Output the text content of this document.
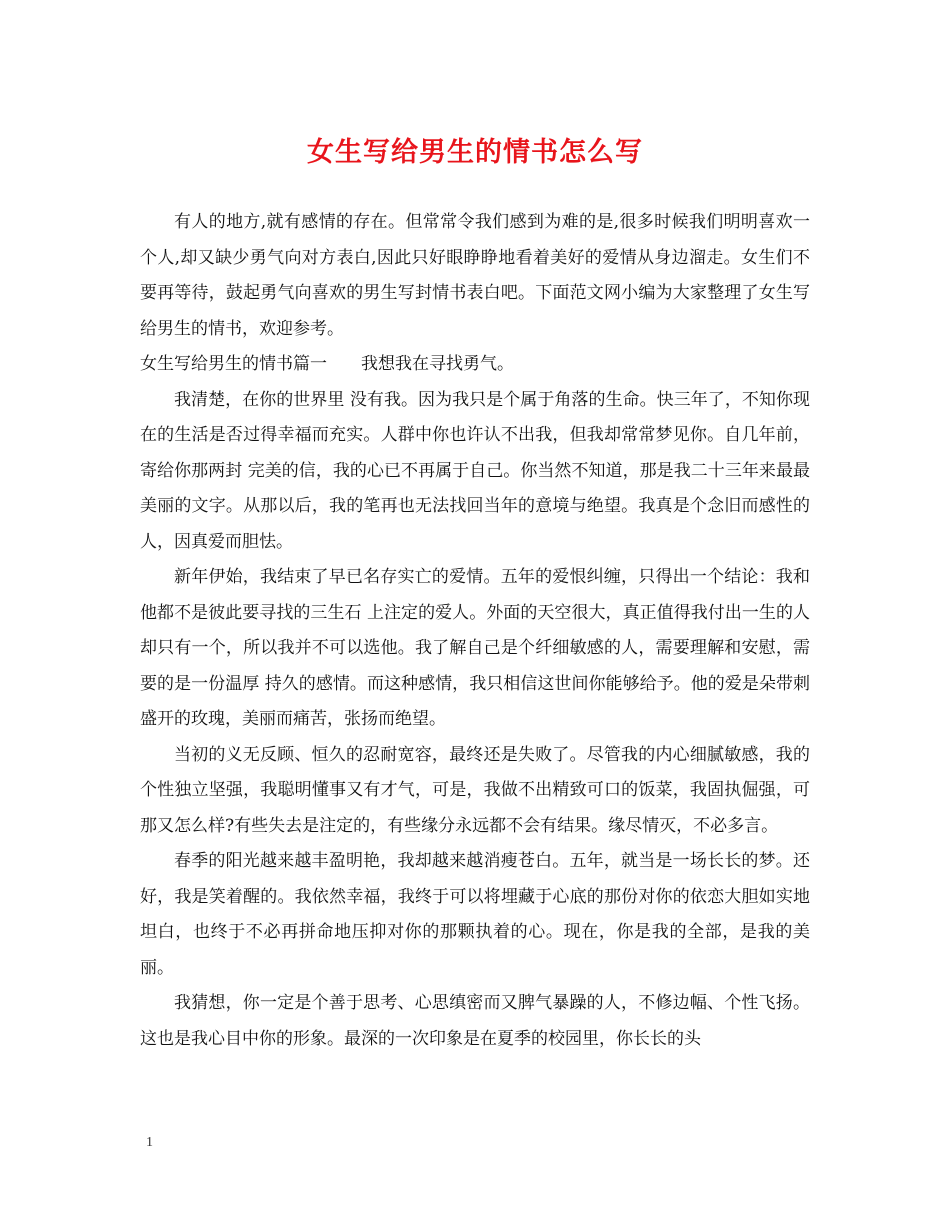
女生写给男生的情书怎么写

有人的地方,就有感情的存在。但常常令我们感到为难的是,很多时候我们明明喜欢一个人,却又缺少勇气向对方表白,因此只好眼睁睁地看着美好的爱情从身边溜走。女生们不要再等待，鼓起勇气向喜欢的男生写封情书表白吧。下面范文网小编为大家整理了女生写给男生的情书，欢迎参考。

女生写给男生的情书篇一　　我想我在寻找勇气。

我清楚，在你的世界里 没有我。因为我只是个属于角落的生命。快三年了，不知你现在的生活是否过得幸福而充实。人群中你也许认不出我，但我却常常梦见你。自几年前，寄给你那两封 完美的信，我的心已不再属于自己。你当然不知道，那是我二十三年来最最美丽的文字。从那以后，我的笔再也无法找回当年的意境与绝望。我真是个念旧而感性的 人，因真爱而胆怯。

新年伊始，我结束了早已名存实亡的爱情。五年的爱恨纠缠，只得出一个结论：我和他都不是彼此要寻找的三生石 上注定的爱人。外面的天空很大，真正值得我付出一生的人却只有一个，所以我并不可以选他。我了解自己是个纤细敏感的人，需要理解和安慰，需要的是一份温厚 持久的感情。而这种感情，我只相信这世间你能够给予。他的爱是朵带刺盛开的玫瑰，美丽而痛苦，张扬而绝望。

当初的义无反顾、恒久的忍耐宽容，最终还是失败了。尽管我的内心细腻敏感，我的个性独立坚强，我聪明懂事又有才气，可是，我做不出精致可口的饭菜，我固执倔强，可那又怎么样?有些失去是注定的，有些缘分永远都不会有结果。缘尽情灭，不必多言。

春季的阳光越来越丰盈明艳，我却越来越消瘦苍白。五年，就当是一场长长的梦。还好，我是笑着醒的。我依然幸福，我终于可以将埋藏于心底的那份对你的依恋大胆如实地坦白，也终于不必再拼命地压抑对你的那颗执着的心。现在，你是我的全部，是我的美丽。

我猜想，你一定是个善于思考、心思缜密而又脾气暴躁的人，不修边幅、个性飞扬。这也是我心目中你的形象。最深的一次印象是在夏季的校园里，你长长的头

1
